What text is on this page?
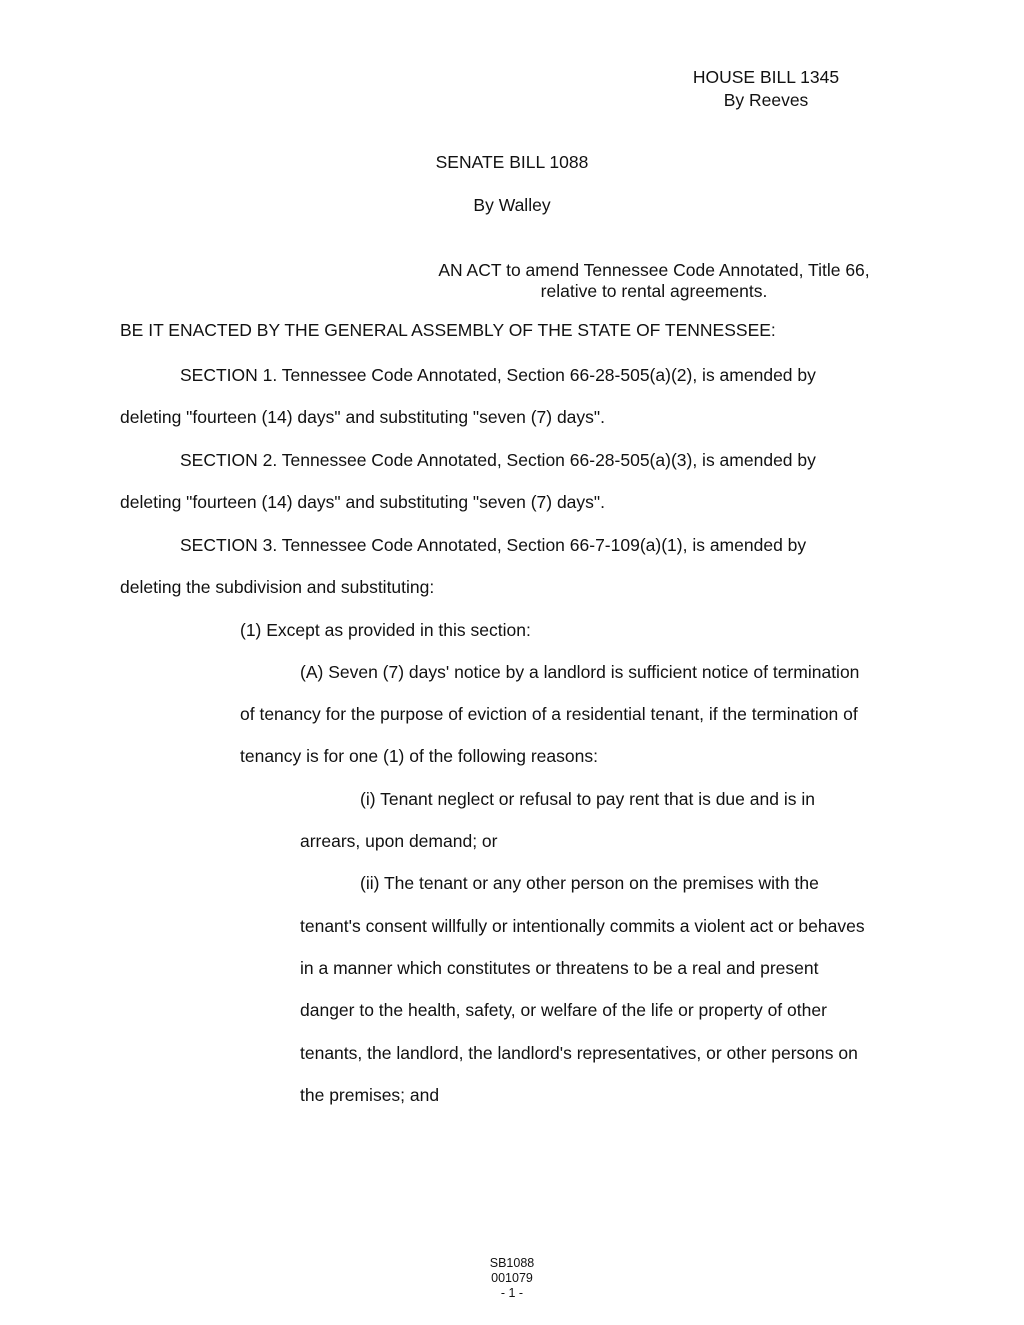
HOUSE BILL 1345
By Reeves
SENATE BILL 1088
By Walley
AN ACT to amend Tennessee Code Annotated, Title 66,
relative to rental agreements.
BE IT ENACTED BY THE GENERAL ASSEMBLY OF THE STATE OF TENNESSEE:
SECTION 1. Tennessee Code Annotated, Section 66-28-505(a)(2), is amended by
deleting "fourteen (14) days" and substituting "seven (7) days".
SECTION 2. Tennessee Code Annotated, Section 66-28-505(a)(3), is amended by
deleting "fourteen (14) days" and substituting "seven (7) days".
SECTION 3. Tennessee Code Annotated, Section 66-7-109(a)(1), is amended by
deleting the subdivision and substituting:
(1) Except as provided in this section:
(A) Seven (7) days' notice by a landlord is sufficient notice of termination
of tenancy for the purpose of eviction of a residential tenant, if the termination of
tenancy is for one (1) of the following reasons:
(i) Tenant neglect or refusal to pay rent that is due and is in
arrears, upon demand; or
(ii) The tenant or any other person on the premises with the
tenant's consent willfully or intentionally commits a violent act or behaves
in a manner which constitutes or threatens to be a real and present
danger to the health, safety, or welfare of the life or property of other
tenants, the landlord, the landlord's representatives, or other persons on
the premises; and
SB1088
001079
- 1 -
